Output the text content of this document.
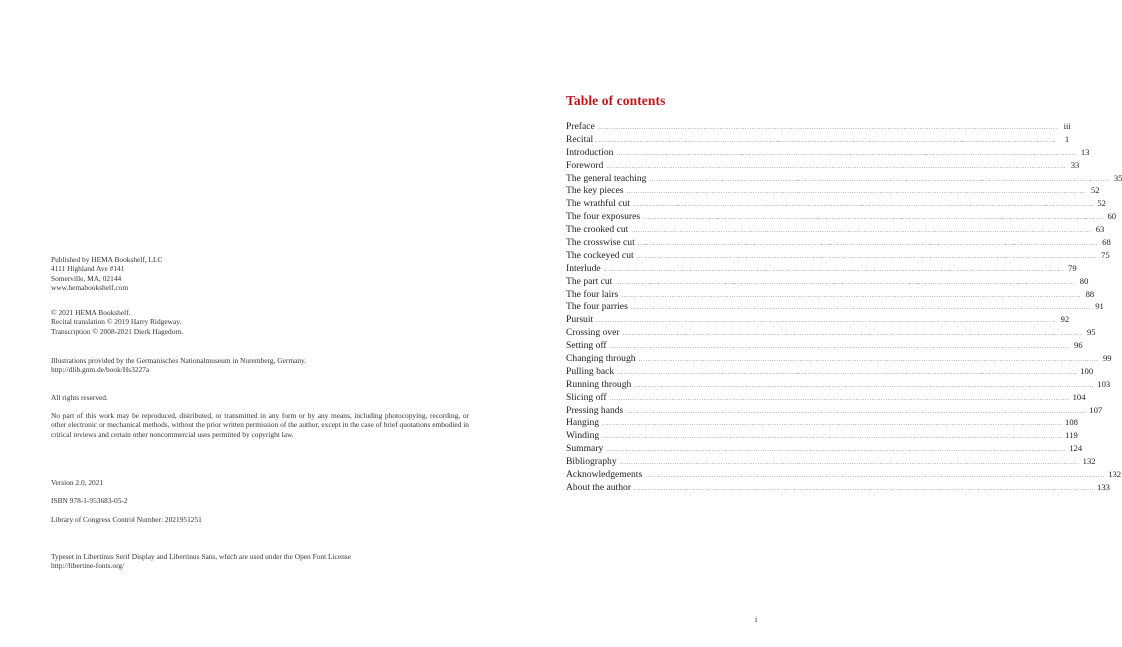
Published by HEMA Bookshelf, LLC

4111 Highland Ave #141

Somerville, MA, 02144

www.hemabookshelf.com

© 2021 HEMA Bookshelf.

Recital translation © 2019 Harry Ridgeway.

Transcription © 2008-2021 Dierk Hagedorn.

Illustrations provided by the Germanisches Nationalmuseum in Nuremberg, Germany.

http://dlib.gnm.de/book/Hs3227a

All rights reserved.

No part of this work may be reproduced, distributed, or transmitted in any form or by any means, including photocopying, recording, or other electronic or mechanical methods, without the prior written permission of the author, except in the case of brief quotations embodied in critical reviews and certain other noncommercial uses permitted by copyright law.

Version 2.0, 2021

ISBN 978-1-953683-05-2

Library of Congress Control Number: 2021951251

Typeset in Libertinus Serif Display and Libertinus Sans, which are used under the Open Font License

http://libertine-fonts.org/

Table of contents
Preface ........................................................................................................................................................................................................ iii
Recital ........................................................................................................................................................................................................	1
Introduction ........................................................................................................................................................................................................ 13
Foreword ........................................................................................................................................................................................................ 33
The general teaching ........................................................................................................................................................................................................ 35
The key pieces ........................................................................................................................................................................................................ 52
The wrathful cut ........................................................................................................................................................................................................ 52
The four exposures ........................................................................................................................................................................................................ 60
The crooked cut ........................................................................................................................................................................................................ 63
The crosswise cut ........................................................................................................................................................................................................ 68
The cockeyed cut ........................................................................................................................................................................................................ 75
Interlude ........................................................................................................................................................................................................ 79
The part cut ........................................................................................................................................................................................................ 80
The four lairs ........................................................................................................................................................................................................ 88
The four parries ........................................................................................................................................................................................................ 91
Pursuit ........................................................................................................................................................................................................ 92
Crossing over ........................................................................................................................................................................................................ 95
Setting off ........................................................................................................................................................................................................ 96
Changing through ........................................................................................................................................................................................................ 99
Pulling back ........................................................................................................................................................................................................ 100
Running through ........................................................................................................................................................................................................ 103
Slicing off ........................................................................................................................................................................................................ 104
Pressing hands ........................................................................................................................................................................................................ 107
Hanging ........................................................................................................................................................................................................ 108
Winding ........................................................................................................................................................................................................ 119
Summary ........................................................................................................................................................................................................ 124
Bibliography ........................................................................................................................................................................................................ 132
Acknowledgements ........................................................................................................................................................................................................ 132
About the author ........................................................................................................................................................................................................ 133
i
